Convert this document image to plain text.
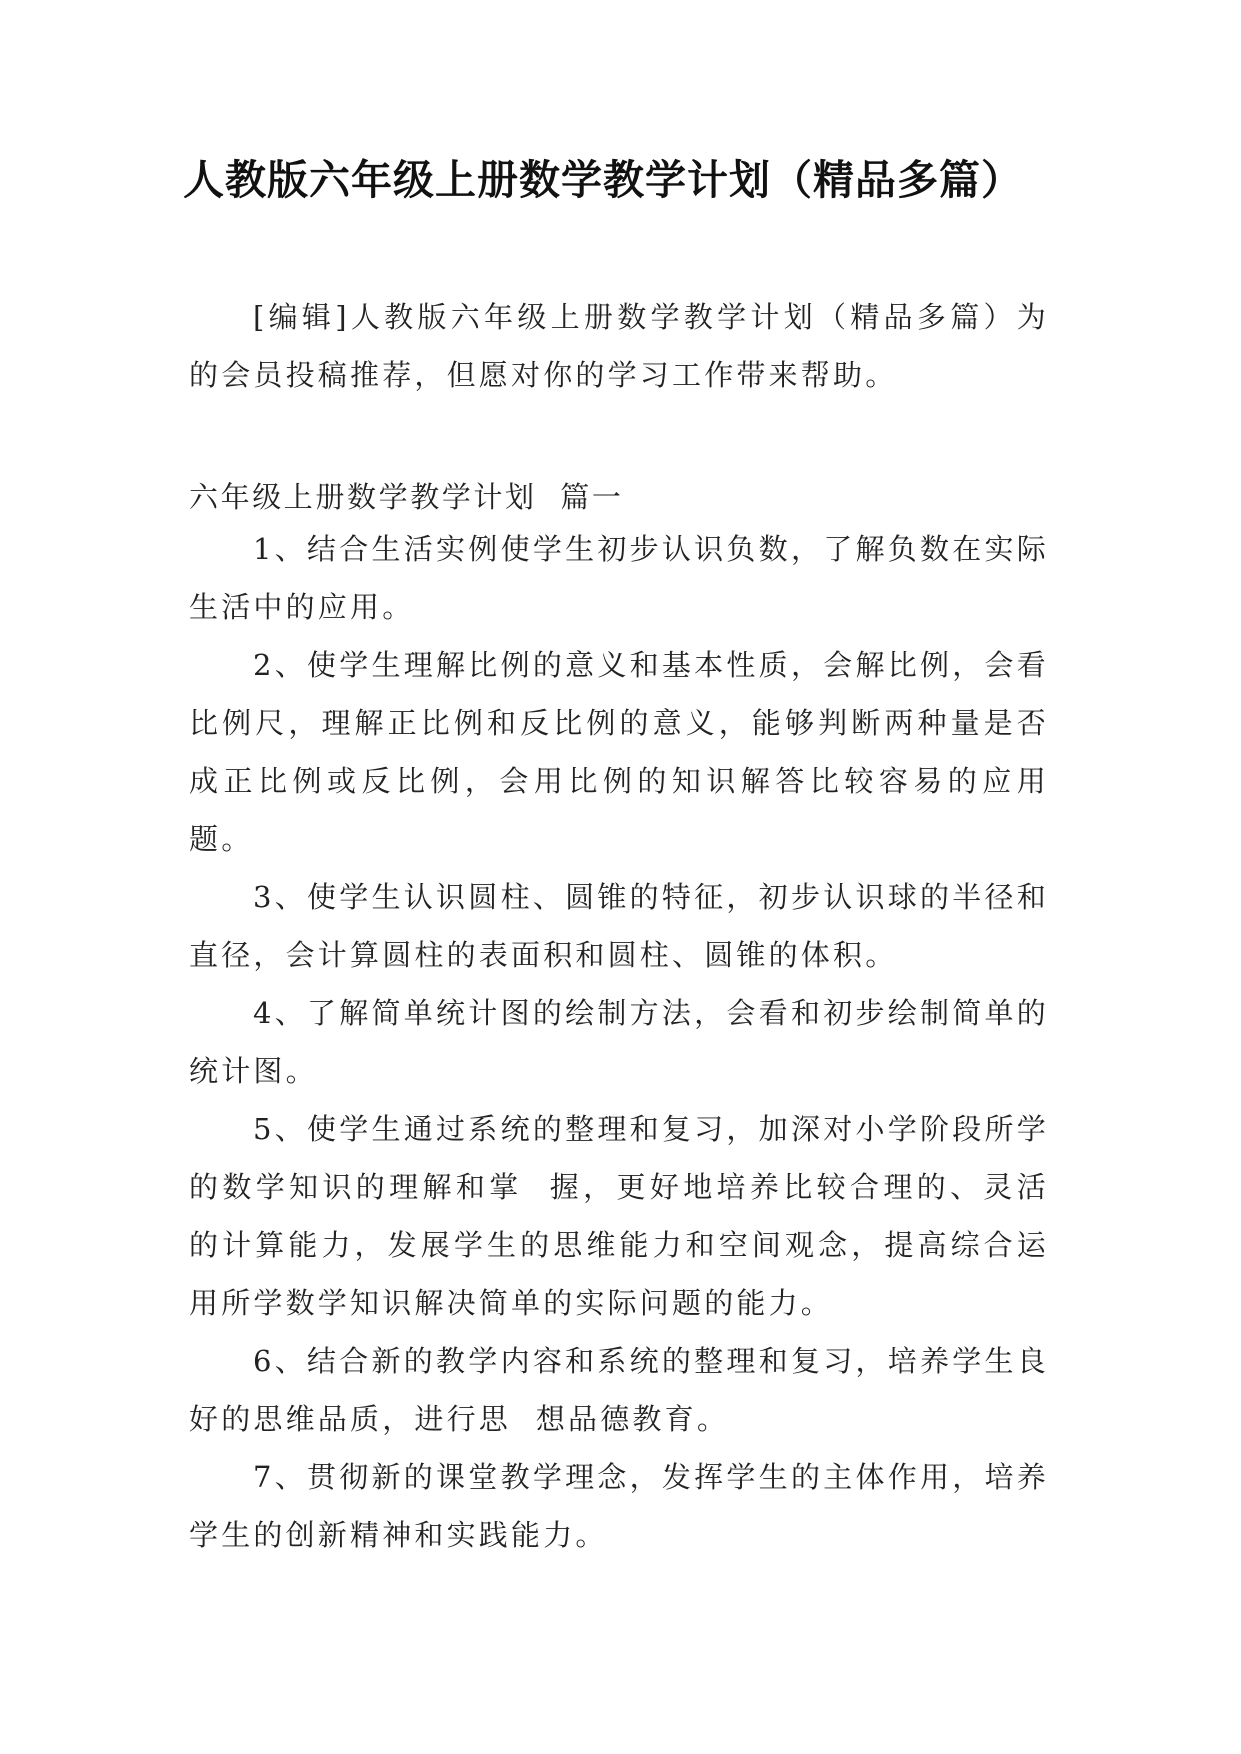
人教版六年级上册数学教学计划（精品多篇）

[编辑]人教版六年级上册数学教学计划（精品多篇）为的会员投稿推荐，但愿对你的学习工作带来帮助。

六年级上册数学教学计划  篇一

1、结合生活实例使学生初步认识负数，了解负数在实际生活中的应用。

2、使学生理解比例的意义和基本性质，会解比例，会看比例尺，理解正比例和反比例的意义，能够判断两种量是否成正比例或反比例，会用比例的知识解答比较容易的应用题。

3、使学生认识圆柱、圆锥的特征，初步认识球的半径和直径，会计算圆柱的表面积和圆柱、圆锥的体积。

4、了解简单统计图的绘制方法，会看和初步绘制简单的统计图。

5、使学生通过系统的整理和复习，加深对小学阶段所学的数学知识的理解和掌  握，更好地培养比较合理的、灵活的计算能力，发展学生的思维能力和空间观念，提高综合运用所学数学知识解决简单的实际问题的能力。

6、结合新的教学内容和系统的整理和复习，培养学生良好的思维品质，进行思  想品德教育。

7、贯彻新的课堂教学理念，发挥学生的主体作用，培养学生的创新精神和实践能力。
